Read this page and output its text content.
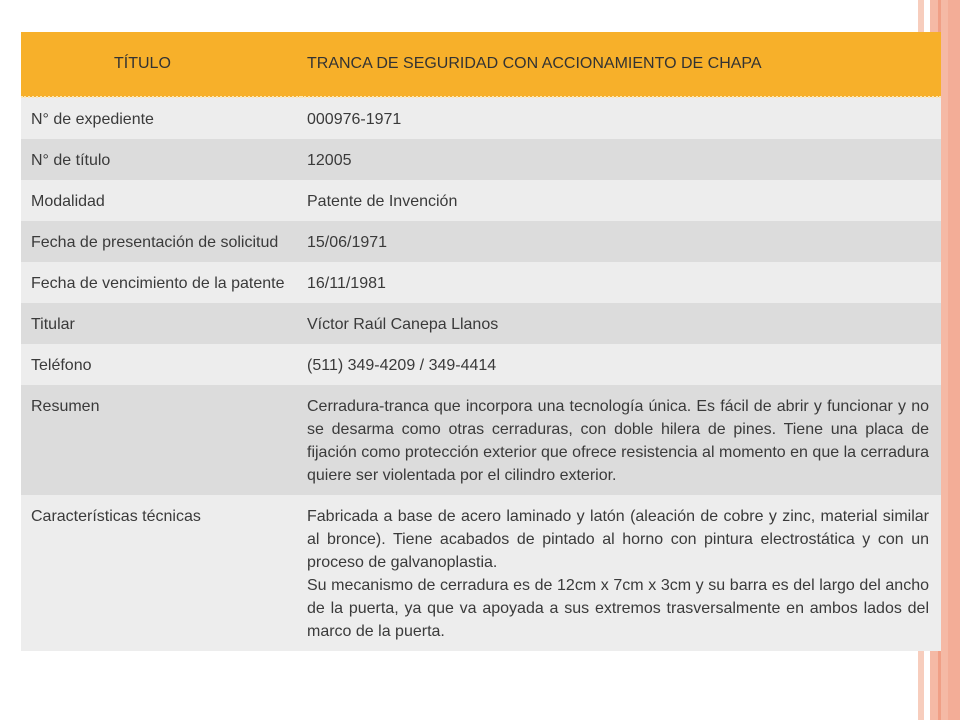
TÍTULO	TRANCA DE SEGURIDAD CON ACCIONAMIENTO DE CHAPA
N° de expediente	000976-1971
N° de título	12005
Modalidad	Patente de Invención
Fecha de presentación de solicitud	15/06/1971
Fecha de vencimiento de la patente	16/11/1981
Titular	Víctor Raúl Canepa Llanos
Teléfono	(511) 349-4209 / 349-4414
Resumen	Cerradura-tranca que incorpora una tecnología única. Es fácil de abrir y funcionar y no se desarma como otras cerraduras, con doble hilera de pines. Tiene una placa de fijación como protección exterior que ofrece resistencia al momento en que la cerradura quiere ser violentada por el cilindro exterior.
Características técnicas	Fabricada a base de acero laminado y latón (aleación de cobre y zinc, material similar al bronce). Tiene acabados de pintado al horno con pintura electrostática y con un proceso de galvanoplastia.
Su mecanismo de cerradura es de 12cm x 7cm x 3cm y su barra es del largo del ancho de la puerta, ya que va apoyada a sus extremos trasversalmente en ambos lados del marco de la puerta.
